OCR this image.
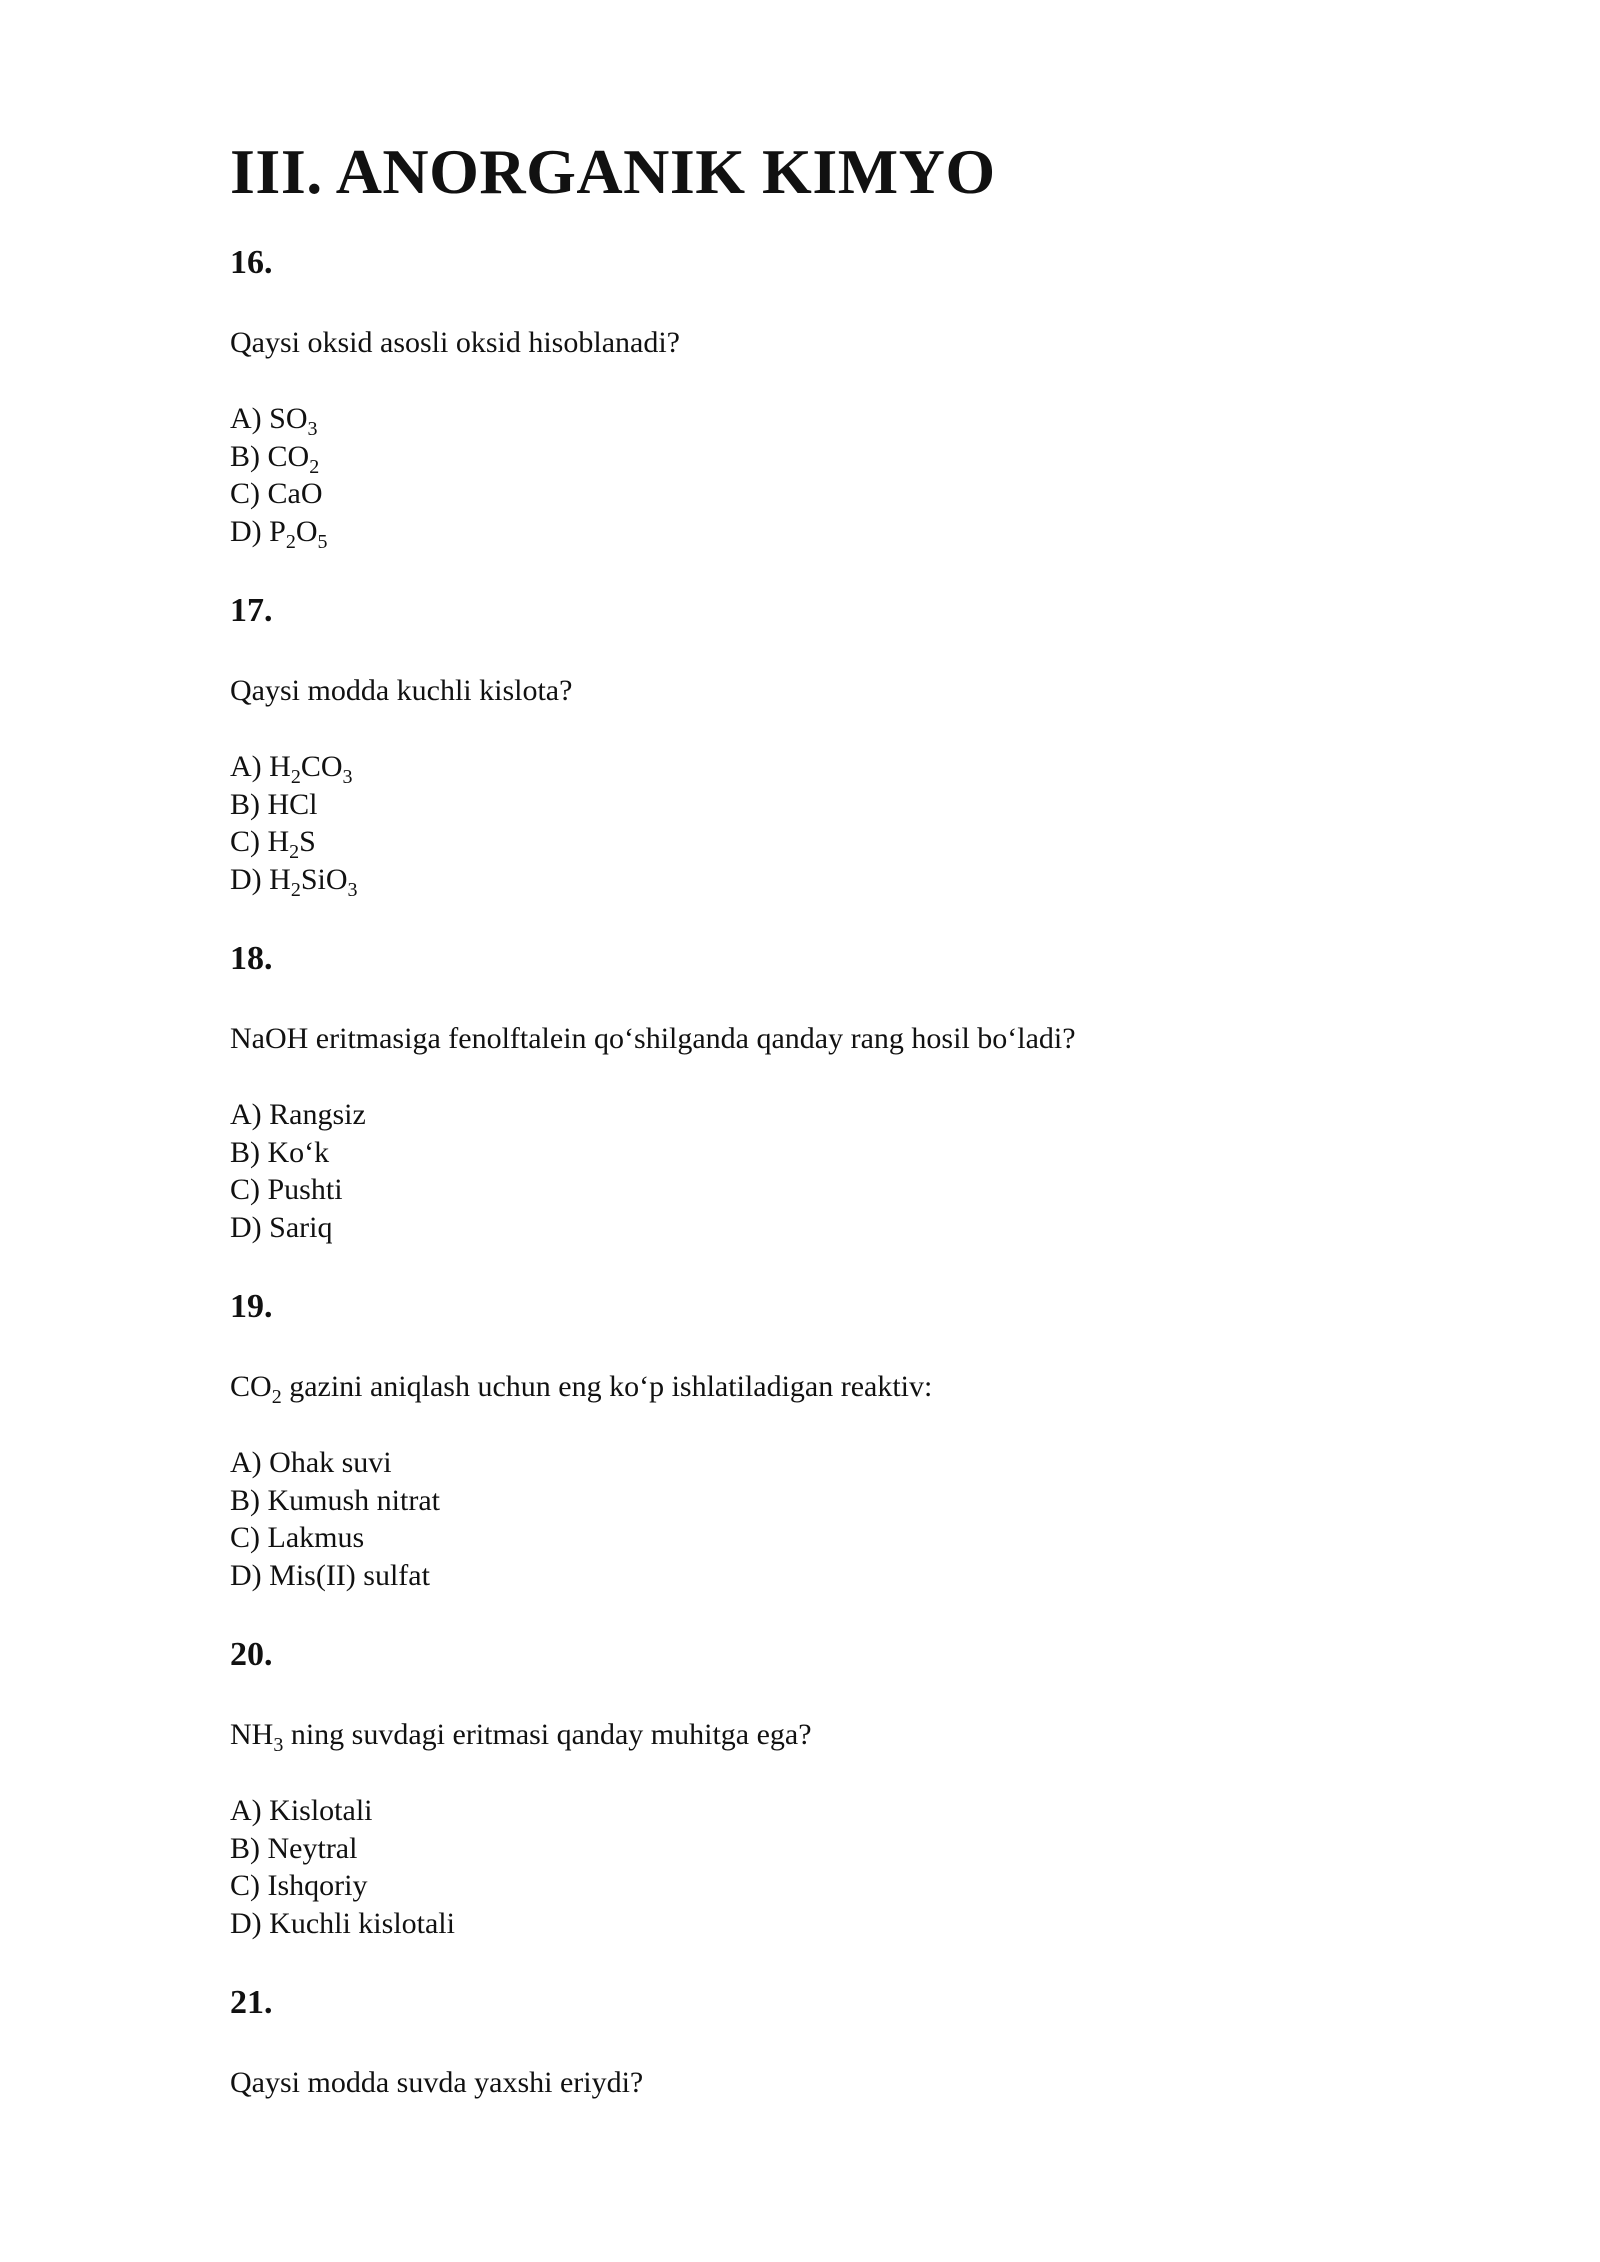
III. ANORGANIK KIMYO
16.
Qaysi oksid asosli oksid hisoblanadi?
A) $SO_3$
B) $CO_2$
C) CaO
D) $P_2O_5$
17.
Qaysi modda kuchli kislota?
A) $H_2CO_3$
B) HCl
C) $H_2S$
D) $H_2SiO_3$
18.
NaOH eritmasiga fenolftalein qo‘shilganda qanday rang hosil bo‘ladi?
A) Rangsiz
B) Ko‘k
C) Pushti
D) Sariq
19.
$CO_2$ gazini aniqlash uchun eng ko‘p ishlatiladigan reaktiv:
A) Ohak suvi
B) Kumush nitrat
C) Lakmus
D) Mis(II) sulfat
20.
$NH_3$ ning suvdagi eritmasi qanday muhitga ega?
A) Kislotali
B) Neytral
C) Ishqoriy
D) Kuchli kislotali
21.
Qaysi modda suvda yaxshi eriydi?
